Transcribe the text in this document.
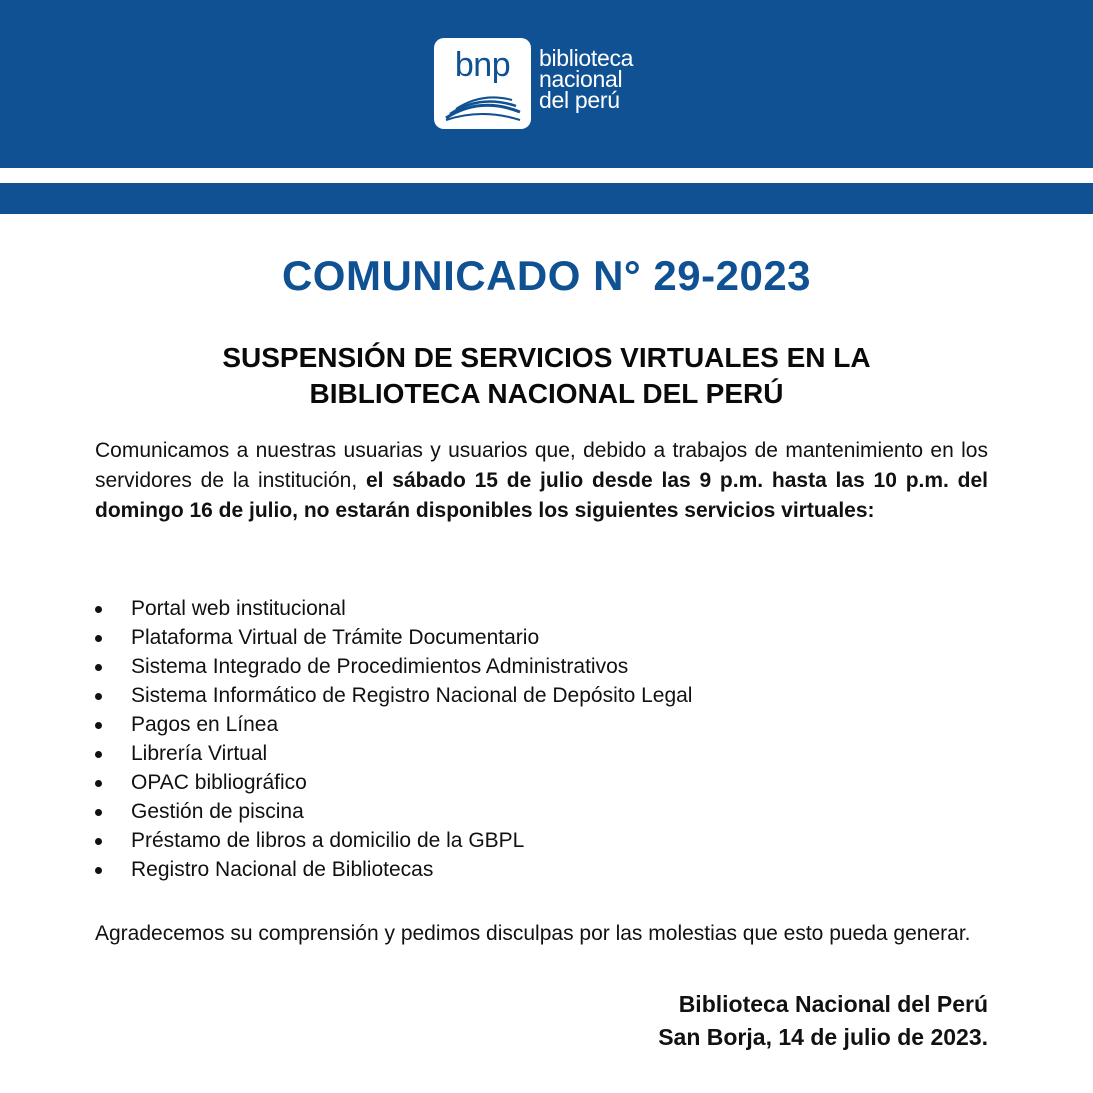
bnp	biblioteca
nacional
del perú
COMUNICADO N° 29-2023
SUSPENSIÓN DE SERVICIOS VIRTUALES EN LA
BIBLIOTECA NACIONAL DEL PERÚ
Comunicamos a nuestras usuarias y usuarios que, debido a trabajos de mantenimiento en los servidores de la institución, el sábado 15 de julio desde las 9 p.m. hasta las 10 p.m. del domingo 16 de julio, no estarán disponibles los siguientes servicios virtuales:
Portal web institucional
Plataforma Virtual de Trámite Documentario
Sistema Integrado de Procedimientos Administrativos
Sistema Informático de Registro Nacional de Depósito Legal
Pagos en Línea
Librería Virtual
OPAC bibliográfico
Gestión de piscina
Préstamo de libros a domicilio de la GBPL
Registro Nacional de Bibliotecas
Agradecemos su comprensión y pedimos disculpas por las molestias que esto pueda generar.
Biblioteca Nacional del Perú
San Borja, 14 de julio de 2023.
